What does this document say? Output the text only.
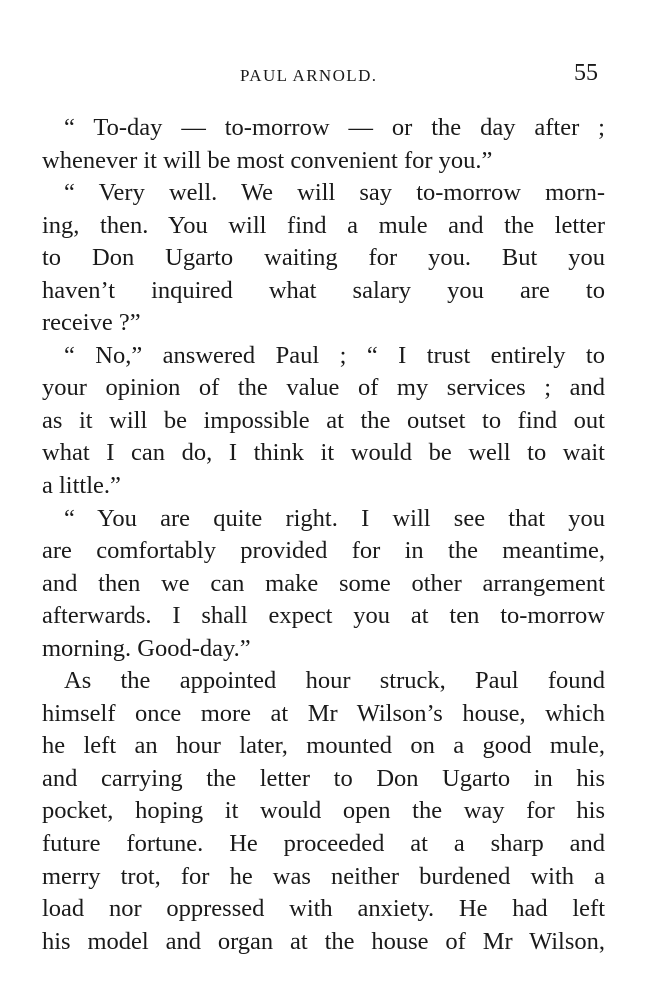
PAUL ARNOLD.	55
“ To-day — to-morrow — or the day after ;
whenever it will be most convenient for you.”
“ Very well. We will say to-morrow morn-
ing, then. You will find a mule and the letter
to Don Ugarto waiting for you. But you
haven’t inquired what salary you are to
receive ?”
“ No,” answered Paul ; “ I trust entirely to
your opinion of the value of my services ; and
as it will be impossible at the outset to find out
what I can do, I think it would be well to wait
a little.”
“ You are quite right. I will see that you
are comfortably provided for in the meantime,
and then we can make some other arrangement
afterwards. I shall expect you at ten to-morrow
morning. Good-day.”
As the appointed hour struck, Paul found
himself once more at Mr Wilson’s house, which
he left an hour later, mounted on a good mule,
and carrying the letter to Don Ugarto in his
pocket, hoping it would open the way for his
future fortune. He proceeded at a sharp and
merry trot, for he was neither burdened with a
load nor oppressed with anxiety. He had left
his model and organ at the house of Mr Wilson,
